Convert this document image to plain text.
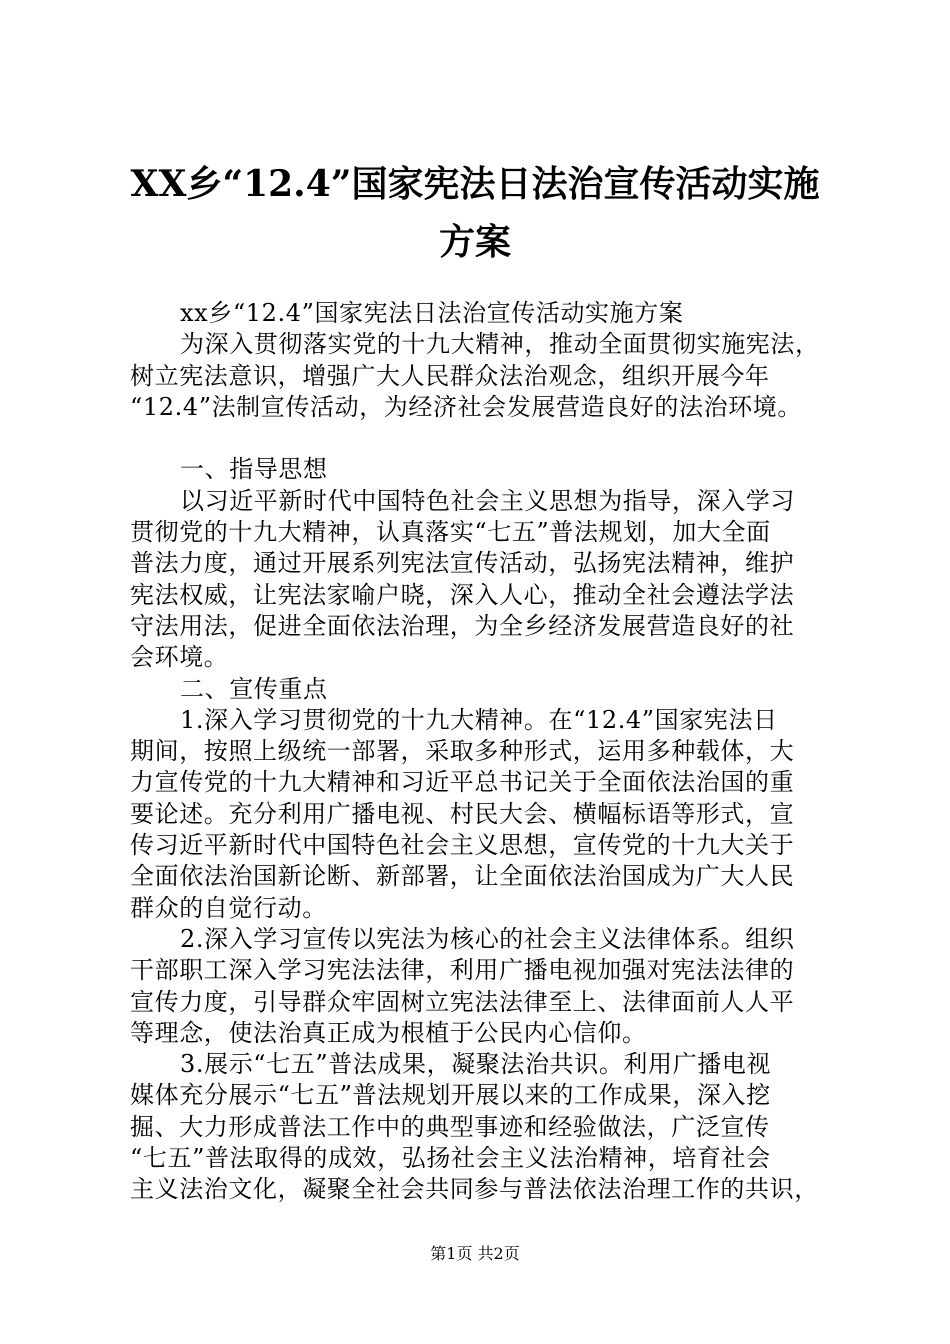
XX乡“12.4”国家宪法日法治宣传活动实施
方案
xx乡“12.4”国家宪法日法治宣传活动实施方案
为深入贯彻落实党的十九大精神，推动全面贯彻实施宪法，
树立宪法意识，增强广大人民群众法治观念，组织开展今年
“12.4”法制宣传活动，为经济社会发展营造良好的法治环境。
一、指导思想
以习近平新时代中国特色社会主义思想为指导，深入学习
贯彻党的十九大精神，认真落实“七五”普法规划，加大全面
普法力度，通过开展系列宪法宣传活动，弘扬宪法精神，维护
宪法权威，让宪法家喻户晓，深入人心，推动全社会遵法学法
守法用法，促进全面依法治理，为全乡经济发展营造良好的社
会环境。
二、宣传重点
1.深入学习贯彻党的十九大精神。在“12.4”国家宪法日
期间，按照上级统一部署，采取多种形式，运用多种载体，大
力宣传党的十九大精神和习近平总书记关于全面依法治国的重
要论述。充分利用广播电视、村民大会、横幅标语等形式，宣
传习近平新时代中国特色社会主义思想，宣传党的十九大关于
全面依法治国新论断、新部署，让全面依法治国成为广大人民
群众的自觉行动。
2.深入学习宣传以宪法为核心的社会主义法律体系。组织
干部职工深入学习宪法法律，利用广播电视加强对宪法法律的
宣传力度，引导群众牢固树立宪法法律至上、法律面前人人平
等理念，使法治真正成为根植于公民内心信仰。
3.展示“七五”普法成果，凝聚法治共识。利用广播电视
媒体充分展示“七五”普法规划开展以来的工作成果，深入挖
掘、大力形成普法工作中的典型事迹和经验做法，广泛宣传
“七五”普法取得的成效，弘扬社会主义法治精神，培育社会
主义法治文化，凝聚全社会共同参与普法依法治理工作的共识，
第1页 共2页
